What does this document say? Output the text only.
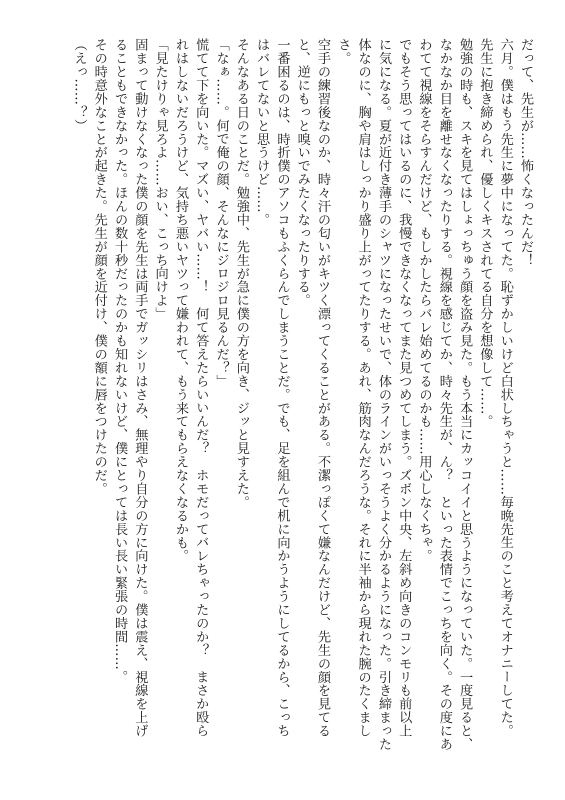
だって、先生が……怖くなったんだ！

六月。僕はもう先生に夢中になってた。恥ずかしいけど白状しちゃうと……毎晩先生のこと考えてオナニーしてた。

先生に抱き締められ、優しくキスされてる自分を想像して……。

勉強の時も、スキを見てはしょっちゅう顔を盗み見た。もう本当にカッコイイと思うようになっていた。一度見ると、

なかなか目を離せなくなったりする。視線を感じてか、時々先生が、ん？　といった表情でこっちを向く。その度にあ

わてて視線をそらすんだけど、もしかしたらバレ始めてるのかも……用心しなくちゃ。

でもそう思ってはいるのに、我慢できなくなってまた見つめてしまう。ズボン中央、左斜め向きのコンモリも前以上

に気になる。夏が近付き薄手のシャツになったせいで、体のラインがいっそうよく分かるようになった。引き締まった

体なのに、胸や肩はしっかり盛り上がってたりする。あれ、筋肉なんだろうな。それに半袖から現れた腕のたくましさ。

空手の練習後なのか、時々汗の匂いがキツく漂ってくることがある。不潔っぽくて嫌なんだけど、先生の顔を見てる

と、逆にもっと嗅いでみたくなったりする。

一番困るのは、時折僕のアソコもふくらんでしまうことだ。でも、足を組んで机に向かうようにしてるから、こっち

はバレてないと思うけど……。

そんなある日のことだ。勉強中、先生が急に僕の方を向き、ジッと見すえた。

「なぁ……。何で俺の顔、そんなにジロジロ見るんだ？」

慌てて下を向いた。マズい、ヤバい……！　何て答えたらいいんだ？　ホモだってバレちゃったのか？　まさか殴ら

れはしないだろうけど、気持ち悪いヤツって嫌われて、もう来てもらえなくなるかも。

「見たけりゃ見ろよ……おい、こっち向けよ」

固まって動けなくなった僕の顔を先生は両手でガッシリはさみ、無理やり自分の方に向けた。僕は震え、視線を上げ

ることもできなかった。ほんの数十秒だったのかも知れないけど、僕にとっては長い長い緊張の時間……。

その時意外なことが起きた。先生が顔を近付け、僕の額に唇をつけたのだ。

（えっ……？）
